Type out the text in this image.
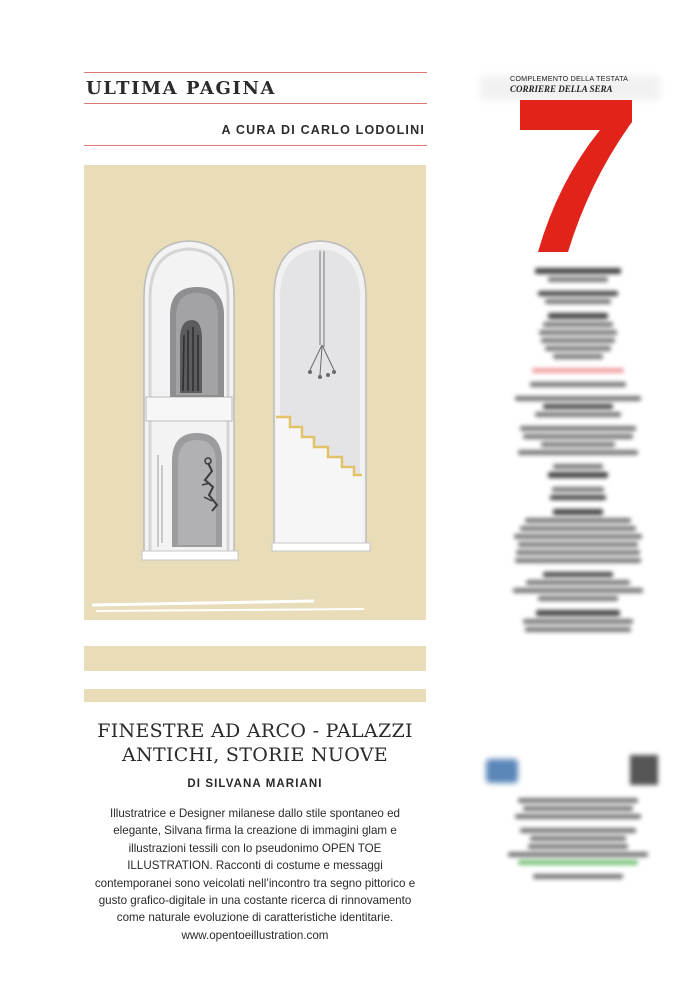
ULTIMA PAGINA
$_{A CURA DI CARLO LODOLINI}$
FINESTRE AD ARCO - PALAZZI
ANTICHI, STORIE NUOVE
DI SILVANA MARIANI

Illustratrice e Designer milanese dallo stile spontaneo ed elegante, Silvana firma la creazione di immagini glam e illustrazioni tessili con lo pseudonimo OPEN TOE ILLUSTRATION. Racconti di costume e messaggi contemporanei sono veicolati nell’incontro tra segno pittorico e gusto grafico-digitale in una costante ricerca di rinnovamento come naturale evoluzione di caratteristiche identitarie. www.opentoeillustration.com

COMPLEMENTO DELLA TESTATA
CORRIERE DELLA SERA
